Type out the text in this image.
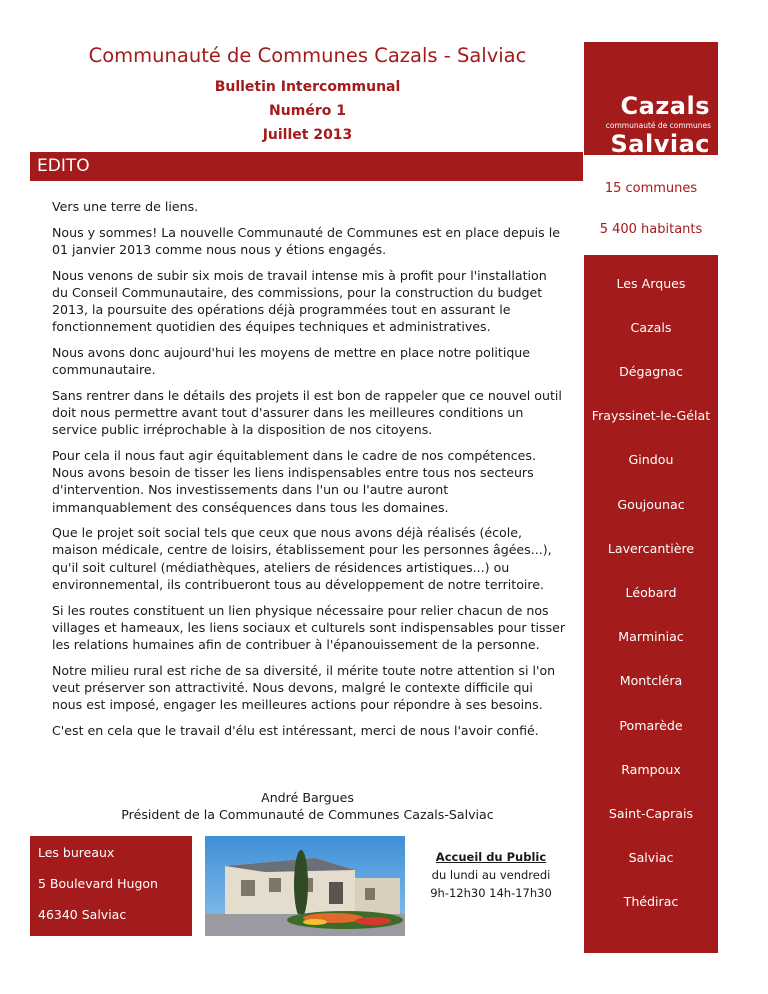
Communauté de Communes Cazals - Salviac
Bulletin Intercommunal
Numéro 1
Juillet 2013
EDITO

Vers une terre de liens.

Nous y sommes! La nouvelle Communauté de Communes est en place depuis le 01 janvier 2013 comme nous nous y étions engagés.

Nous venons de subir six mois de travail intense mis à profit pour l'installation du Conseil Communautaire, des commissions, pour la construction du budget 2013, la poursuite des opérations déjà programmées tout en assurant le fonctionnement quotidien des équipes techniques et administratives.

Nous avons donc aujourd'hui les moyens de mettre en place notre politique communautaire.

Sans rentrer dans le détails des projets il est bon de rappeler que ce nouvel outil doit nous permettre avant tout d'assurer dans les meilleures conditions un service public irréprochable à la disposition de nos citoyens.

Pour cela il nous faut agir équitablement dans le cadre de nos compétences. Nous avons besoin de tisser les liens indispensables entre tous nos secteurs d'intervention. Nos investissements dans l'un ou l'autre auront immanquablement des conséquences dans tous les domaines.

Que le projet soit social tels que ceux que nous avons déjà réalisés (école, maison médicale, centre de loisirs, établissement pour les personnes âgées...), qu'il soit culturel (médiathèques, ateliers de résidences artistiques...) ou environnemental, ils contribueront tous au développement de notre territoire.

Si les routes constituent un lien physique nécessaire pour relier chacun de nos villages et hameaux, les liens sociaux et culturels sont indispensables pour tisser les relations humaines afin de contribuer à l'épanouissement de la personne.

Notre milieu rural est riche de sa diversité, il mérite toute notre attention si l'on veut préserver son attractivité. Nous devons, malgré le contexte difficile qui nous est imposé, engager les meilleures actions pour répondre à ses besoins.

C'est en cela que le travail d'élu est intéressant, merci de nous l'avoir confié.

André Bargues
Président de la Communauté de Communes Cazals-Salviac
Les bureaux
5 Boulevard Hugon
46340 Salviac
Accueil du Public
du lundi au vendredi
9h-12h30 14h-17h30
Cazals
communauté de communes
Salviac
15 communes
5 400 habitants
Les Arques
Cazals
Dégagnac
Frayssinet-le-Gélat
Gindou
Goujounac
Lavercantière
Léobard
Marminiac
Montcléra
Pomarède
Rampoux
Saint-Caprais
Salviac
Thédirac
